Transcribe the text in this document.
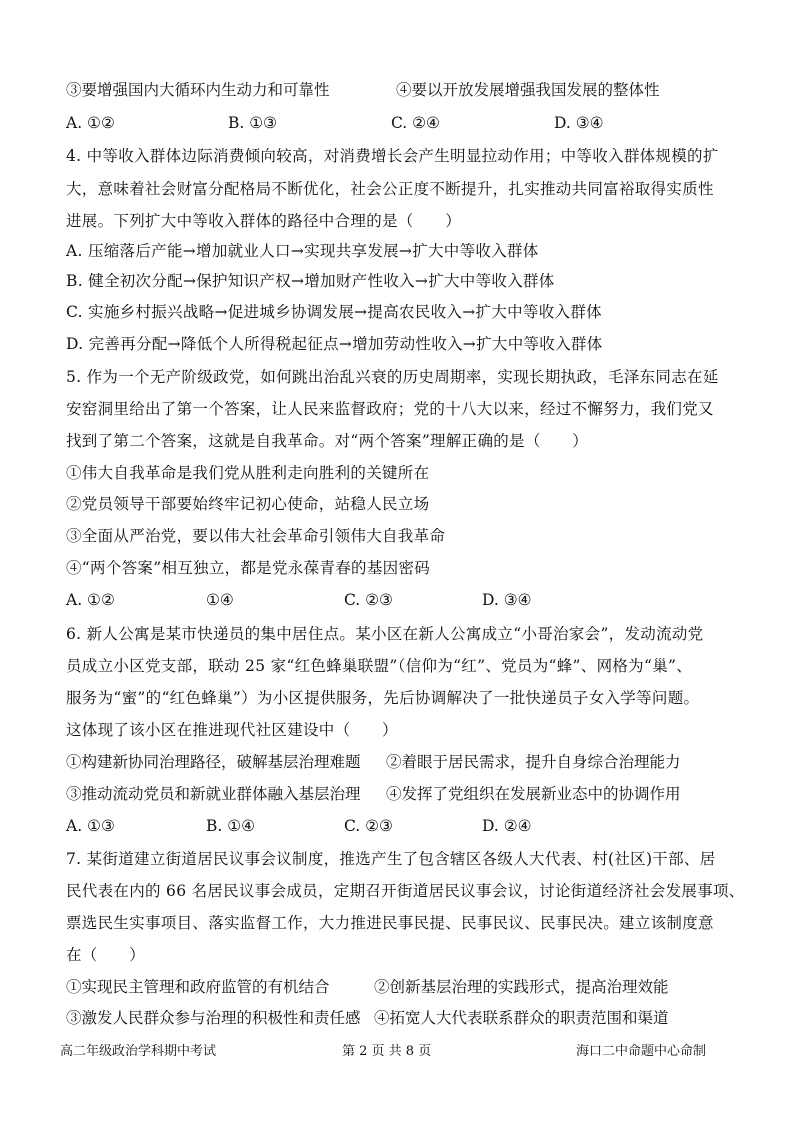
③要增强国内大循环内生动力和可靠性	④要以开放发展增强我国发展的整体性
A. ①②	B. ①③	C. ②④	D. ③④
4. 中等收入群体边际消费倾向较高，对消费增长会产生明显拉动作用；中等收入群体规模的扩
大，意味着社会财富分配格局不断优化，社会公正度不断提升，扎实推动共同富裕取得实质性
进展。下列扩大中等收入群体的路径中合理的是（　　）
A. 压缩落后产能→增加就业人口→实现共享发展→扩大中等收入群体
B. 健全初次分配→保护知识产权→增加财产性收入→扩大中等收入群体
C. 实施乡村振兴战略→促进城乡协调发展→提高农民收入→扩大中等收入群体
D. 完善再分配→降低个人所得税起征点→增加劳动性收入→扩大中等收入群体
5. 作为一个无产阶级政党，如何跳出治乱兴衰的历史周期率，实现长期执政，毛泽东同志在延
安窑洞里给出了第一个答案，让人民来监督政府；党的十八大以来，经过不懈努力，我们党又
找到了第二个答案，这就是自我革命。对“两个答案”理解正确的是（　　）
①伟大自我革命是我们党从胜利走向胜利的关键所在
②党员领导干部要始终牢记初心使命，站稳人民立场
③全面从严治党，要以伟大社会革命引领伟大自我革命
④“两个答案”相互独立，都是党永葆青春的基因密码
A. ①②	①④	C. ②③	D. ③④
6. 新人公寓是某市快递员的集中居住点。某小区在新人公寓成立“小哥治家会”，发动流动党
员成立小区党支部，联动 25 家“红色蜂巢联盟”（信仰为“红”、党员为“蜂”、网格为“巢”、
服务为“蜜”的“红色蜂巢”）为小区提供服务，先后协调解决了一批快递员子女入学等问题。
这体现了该小区在推进现代社区建设中（　　）
①构建新协同治理路径，破解基层治理难题 ②着眼于居民需求，提升自身综合治理能力
③推动流动党员和新就业群体融入基层治理 ④发挥了党组织在发展新业态中的协调作用
A. ①③	B. ①④	C. ②③	D. ②④
7. 某街道建立街道居民议事会议制度，推选产生了包含辖区各级人大代表、村(社区)干部、居
民代表在内的 66 名居民议事会成员，定期召开街道居民议事会议，讨论街道经济社会发展事项、
票选民生实事项目、落实监督工作，大力推进民事民提、民事民议、民事民决。建立该制度意
在（　　）
①实现民主管理和政府监管的有机结合	②创新基层治理的实践形式，提高治理效能
③激发人民群众参与治理的积极性和责任感 ④拓宽人大代表联系群众的职责范围和渠道
高二年级政治学科期中考试	第 2 页 共 8 页	海口二中命题中心命制
